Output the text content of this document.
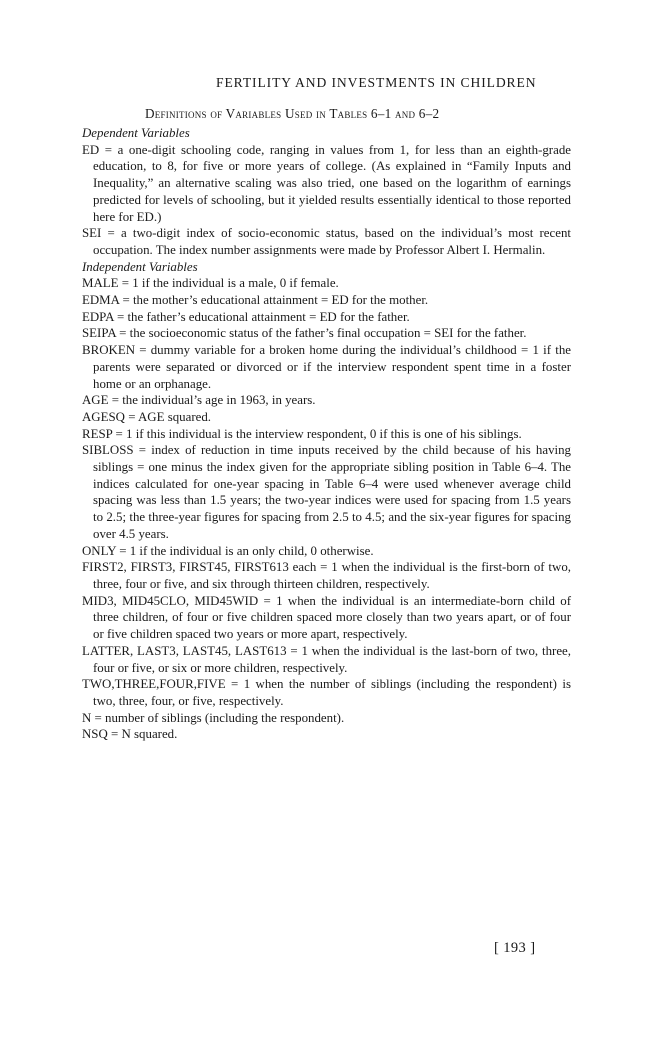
FERTILITY AND INVESTMENTS IN CHILDREN
Definitions of Variables Used in Tables 6–1 and 6–2
Dependent Variables

ED = a one-digit schooling code, ranging in values from 1, for less than an eighth-grade education, to 8, for five or more years of college. (As explained in “Family Inputs and Inequality,” an alternative scaling was also tried, one based on the logarithm of earnings predicted for levels of schooling, but it yielded results essentially identical to those reported here for ED.)

SEI = a two-digit index of socio-economic status, based on the individual’s most recent occupation. The index number assignments were made by Professor Albert I. Hermalin.

Independent Variables

MALE = 1 if the individual is a male, 0 if female.

EDMA = the mother’s educational attainment = ED for the mother.

EDPA = the father’s educational attainment = ED for the father.

SEIPA = the socioeconomic status of the father’s final occupation = SEI for the father.

BROKEN = dummy variable for a broken home during the individual’s childhood = 1 if the parents were separated or divorced or if the interview respondent spent time in a foster home or an orphanage.

AGE = the individual’s age in 1963, in years.

AGESQ = AGE squared.

RESP = 1 if this individual is the interview respondent, 0 if this is one of his siblings.

SIBLOSS = index of reduction in time inputs received by the child because of his having siblings = one minus the index given for the appropriate sibling position in Table 6–4. The indices calculated for one-year spacing in Table 6–4 were used whenever average child spacing was less than 1.5 years; the two-year indices were used for spacing from 1.5 years to 2.5; the three-year figures for spacing from 2.5 to 4.5; and the six-year figures for spacing over 4.5 years.

ONLY = 1 if the individual is an only child, 0 otherwise.

FIRST2, FIRST3, FIRST45, FIRST613 each = 1 when the individual is the first-born of two, three, four or five, and six through thirteen children, respectively.

MID3, MID45CLO, MID45WID = 1 when the individual is an intermediate-born child of three children, of four or five children spaced more closely than two years apart, or of four or five children spaced two years or more apart, respectively.

LATTER, LAST3, LAST45, LAST613 = 1 when the individual is the last-born of two, three, four or five, or six or more children, respectively.

TWO,THREE,FOUR,FIVE = 1 when the number of siblings (including the respondent) is two, three, four, or five, respectively.

N = number of siblings (including the respondent).

NSQ = N squared.

[ 193 ]
